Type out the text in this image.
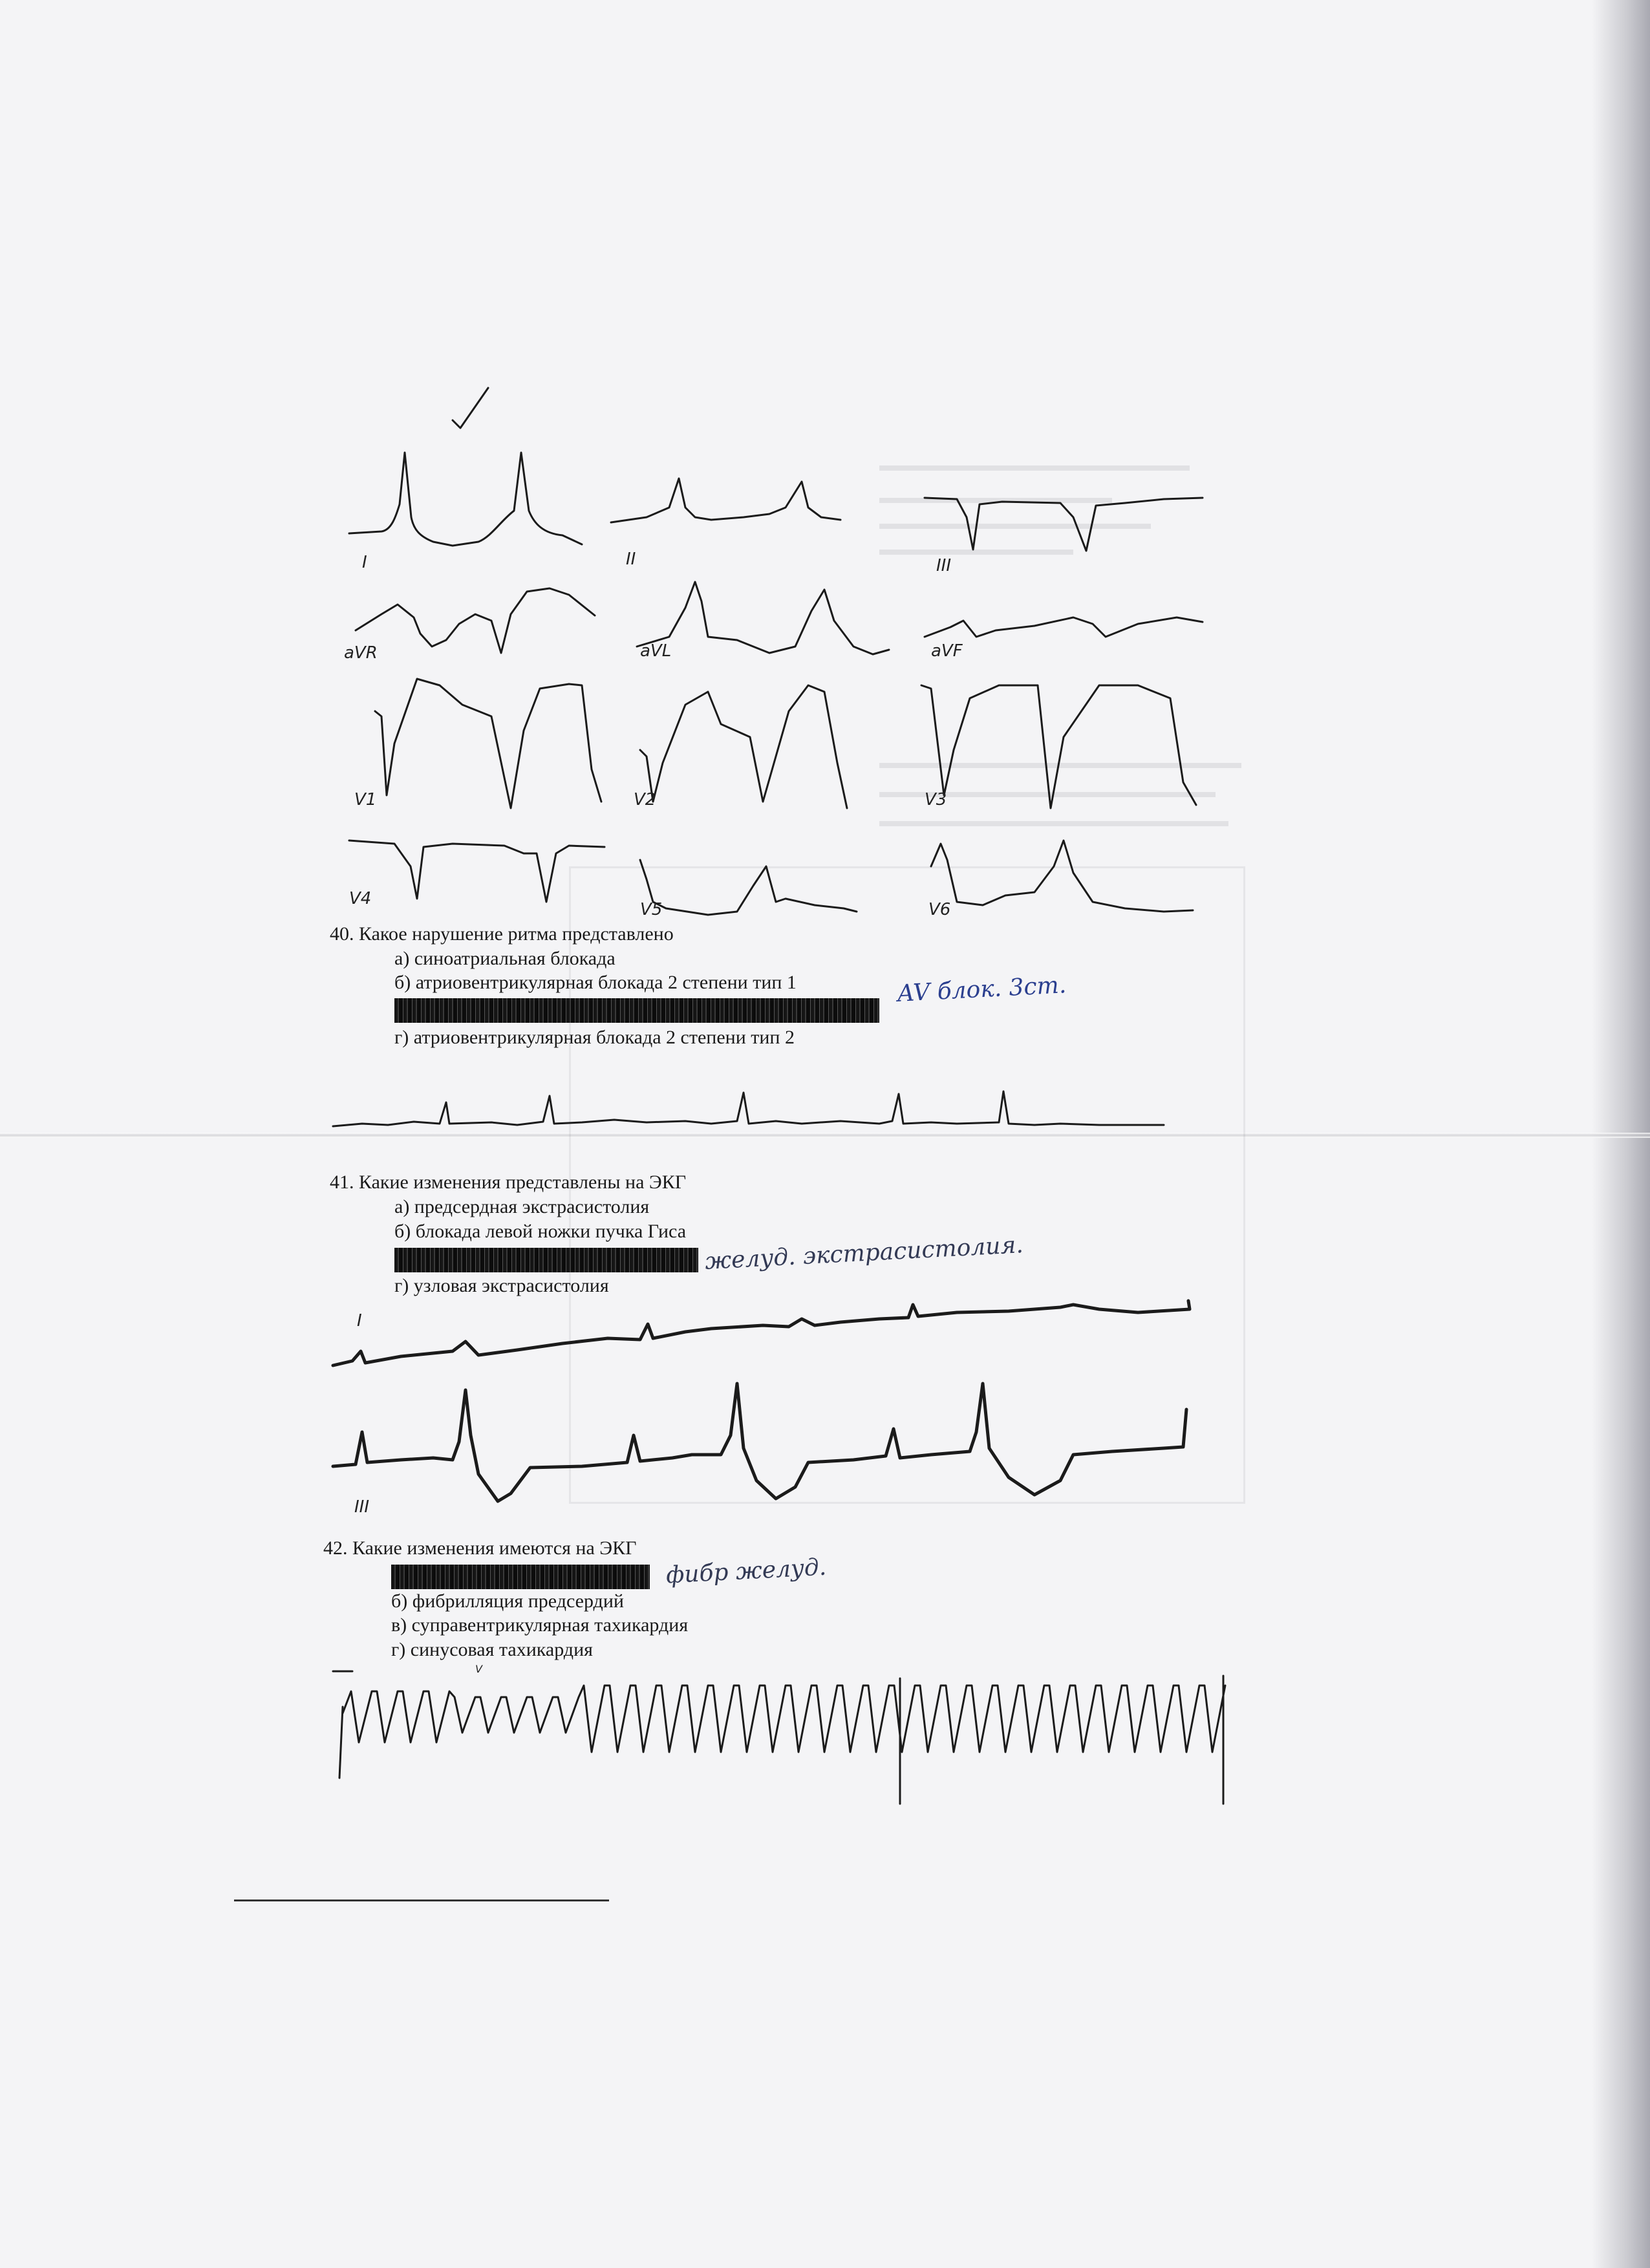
I	II	III
aVR	aVL	aVF
V1	V2	V3
V4
V5	V6
40. Какое нарушение ритма представлено
а) синоатриальная блокада
б) атриовентрикулярная блокада 2 степени тип 1	AV блок. 3ст.
г) атриовентрикулярная блокада 2 степени тип 2
41. Какие изменения представлены на ЭКГ
а) предсердная экстрасистолия
б) блокада левой ножки пучка Гиса
желуд. экстрасистолия.
г) узловая экстрасистолия
I
III
42. Какие изменения имеются на ЭКГ
фибр желуд.
б) фибрилляция предсердий
в) суправентрикулярная тахикардия
г) синусовая тахикардия
V
